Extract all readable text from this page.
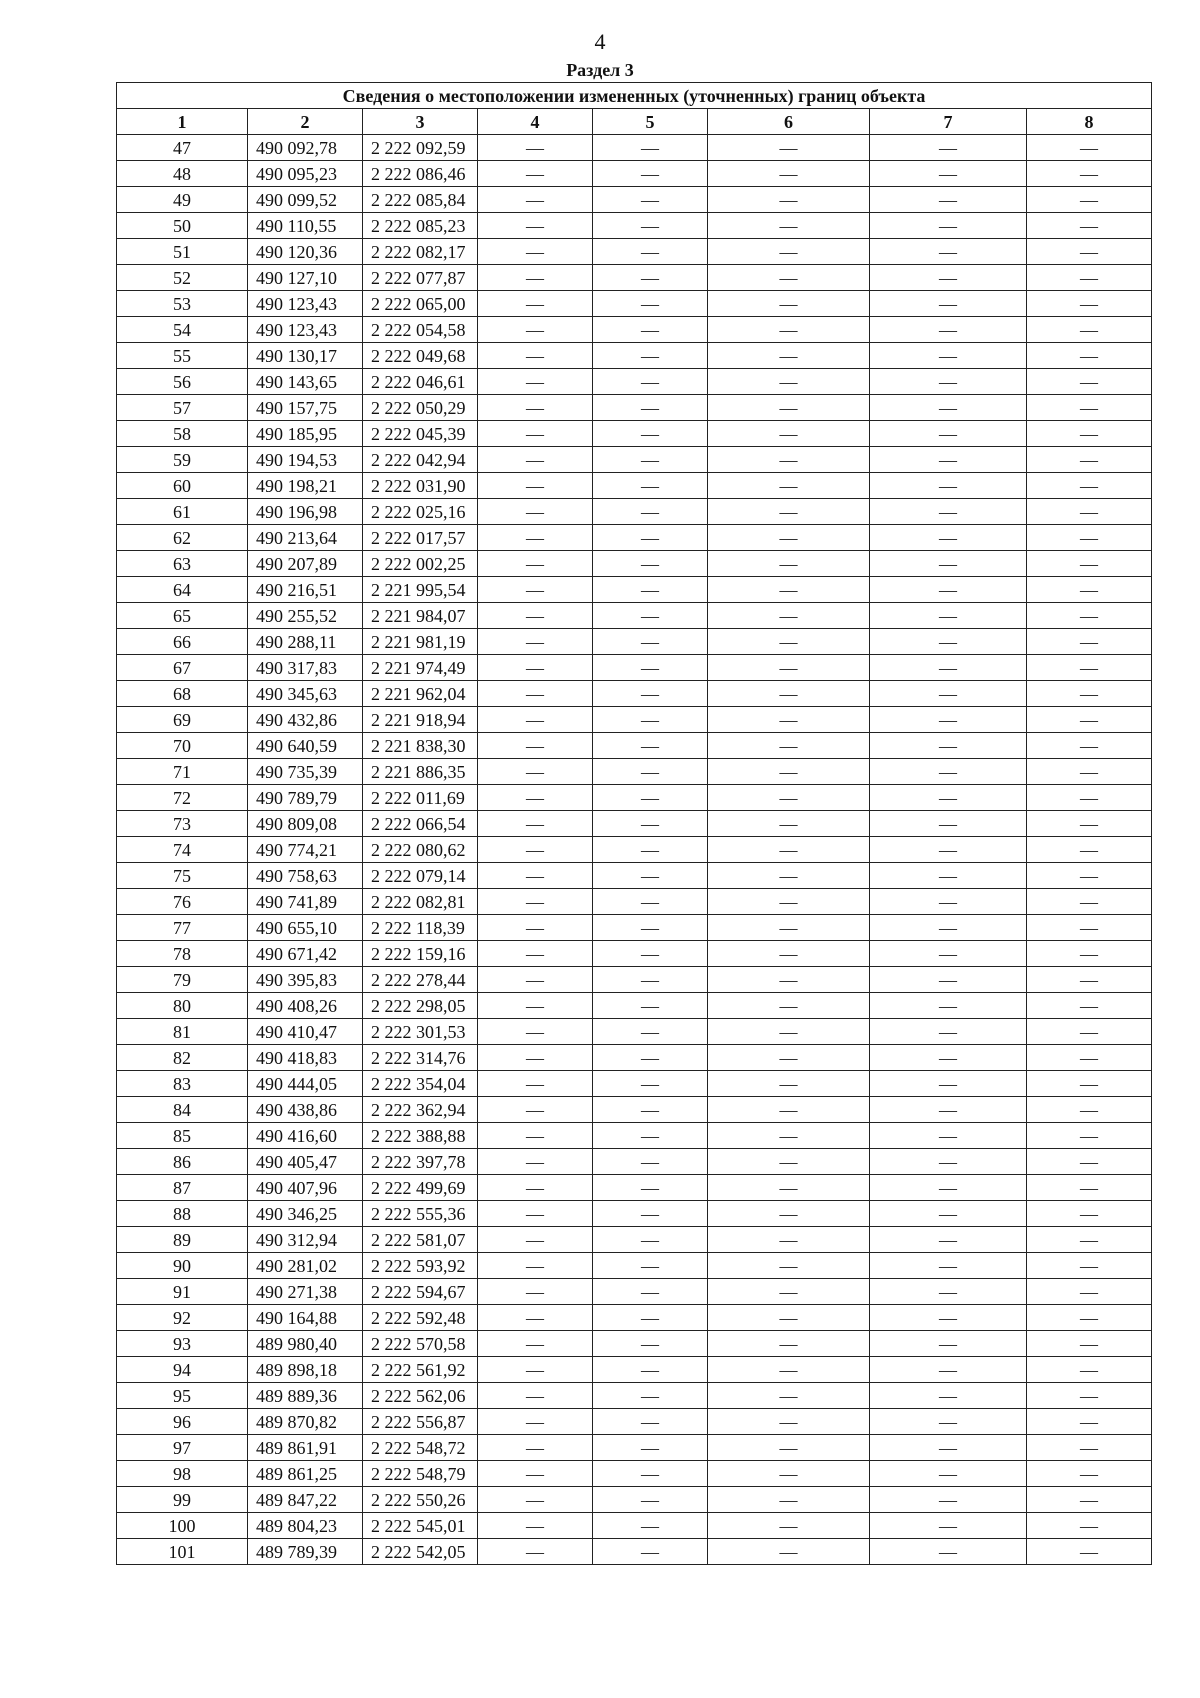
4
Раздел 3
Сведения о местоположении измененных (уточненных) границ объекта							
1	2	3	4	5	6	7	8
47	490 092,78	2 222 092,59	—	—	—	—	—
48	490 095,23	2 222 086,46	—	—	—	—	—
49	490 099,52	2 222 085,84	—	—	—	—	—
50	490 110,55	2 222 085,23	—	—	—	—	—
51	490 120,36	2 222 082,17	—	—	—	—	—
52	490 127,10	2 222 077,87	—	—	—	—	—
53	490 123,43	2 222 065,00	—	—	—	—	—
54	490 123,43	2 222 054,58	—	—	—	—	—
55	490 130,17	2 222 049,68	—	—	—	—	—
56	490 143,65	2 222 046,61	—	—	—	—	—
57	490 157,75	2 222 050,29	—	—	—	—	—
58	490 185,95	2 222 045,39	—	—	—	—	—
59	490 194,53	2 222 042,94	—	—	—	—	—
60	490 198,21	2 222 031,90	—	—	—	—	—
61	490 196,98	2 222 025,16	—	—	—	—	—
62	490 213,64	2 222 017,57	—	—	—	—	—
63	490 207,89	2 222 002,25	—	—	—	—	—
64	490 216,51	2 221 995,54	—	—	—	—	—
65	490 255,52	2 221 984,07	—	—	—	—	—
66	490 288,11	2 221 981,19	—	—	—	—	—
67	490 317,83	2 221 974,49	—	—	—	—	—
68	490 345,63	2 221 962,04	—	—	—	—	—
69	490 432,86	2 221 918,94	—	—	—	—	—
70	490 640,59	2 221 838,30	—	—	—	—	—
71	490 735,39	2 221 886,35	—	—	—	—	—
72	490 789,79	2 222 011,69	—	—	—	—	—
73	490 809,08	2 222 066,54	—	—	—	—	—
74	490 774,21	2 222 080,62	—	—	—	—	—
75	490 758,63	2 222 079,14	—	—	—	—	—
76	490 741,89	2 222 082,81	—	—	—	—	—
77	490 655,10	2 222 118,39	—	—	—	—	—
78	490 671,42	2 222 159,16	—	—	—	—	—
79	490 395,83	2 222 278,44	—	—	—	—	—
80	490 408,26	2 222 298,05	—	—	—	—	—
81	490 410,47	2 222 301,53	—	—	—	—	—
82	490 418,83	2 222 314,76	—	—	—	—	—
83	490 444,05	2 222 354,04	—	—	—	—	—
84	490 438,86	2 222 362,94	—	—	—	—	—
85	490 416,60	2 222 388,88	—	—	—	—	—
86	490 405,47	2 222 397,78	—	—	—	—	—
87	490 407,96	2 222 499,69	—	—	—	—	—
88	490 346,25	2 222 555,36	—	—	—	—	—
89	490 312,94	2 222 581,07	—	—	—	—	—
90	490 281,02	2 222 593,92	—	—	—	—	—
91	490 271,38	2 222 594,67	—	—	—	—	—
92	490 164,88	2 222 592,48	—	—	—	—	—
93	489 980,40	2 222 570,58	—	—	—	—	—
94	489 898,18	2 222 561,92	—	—	—	—	—
95	489 889,36	2 222 562,06	—	—	—	—	—
96	489 870,82	2 222 556,87	—	—	—	—	—
97	489 861,91	2 222 548,72	—	—	—	—	—
98	489 861,25	2 222 548,79	—	—	—	—	—
99	489 847,22	2 222 550,26	—	—	—	—	—
100	489 804,23	2 222 545,01	—	—	—	—	—
101	489 789,39	2 222 542,05	—	—	—	—	—
